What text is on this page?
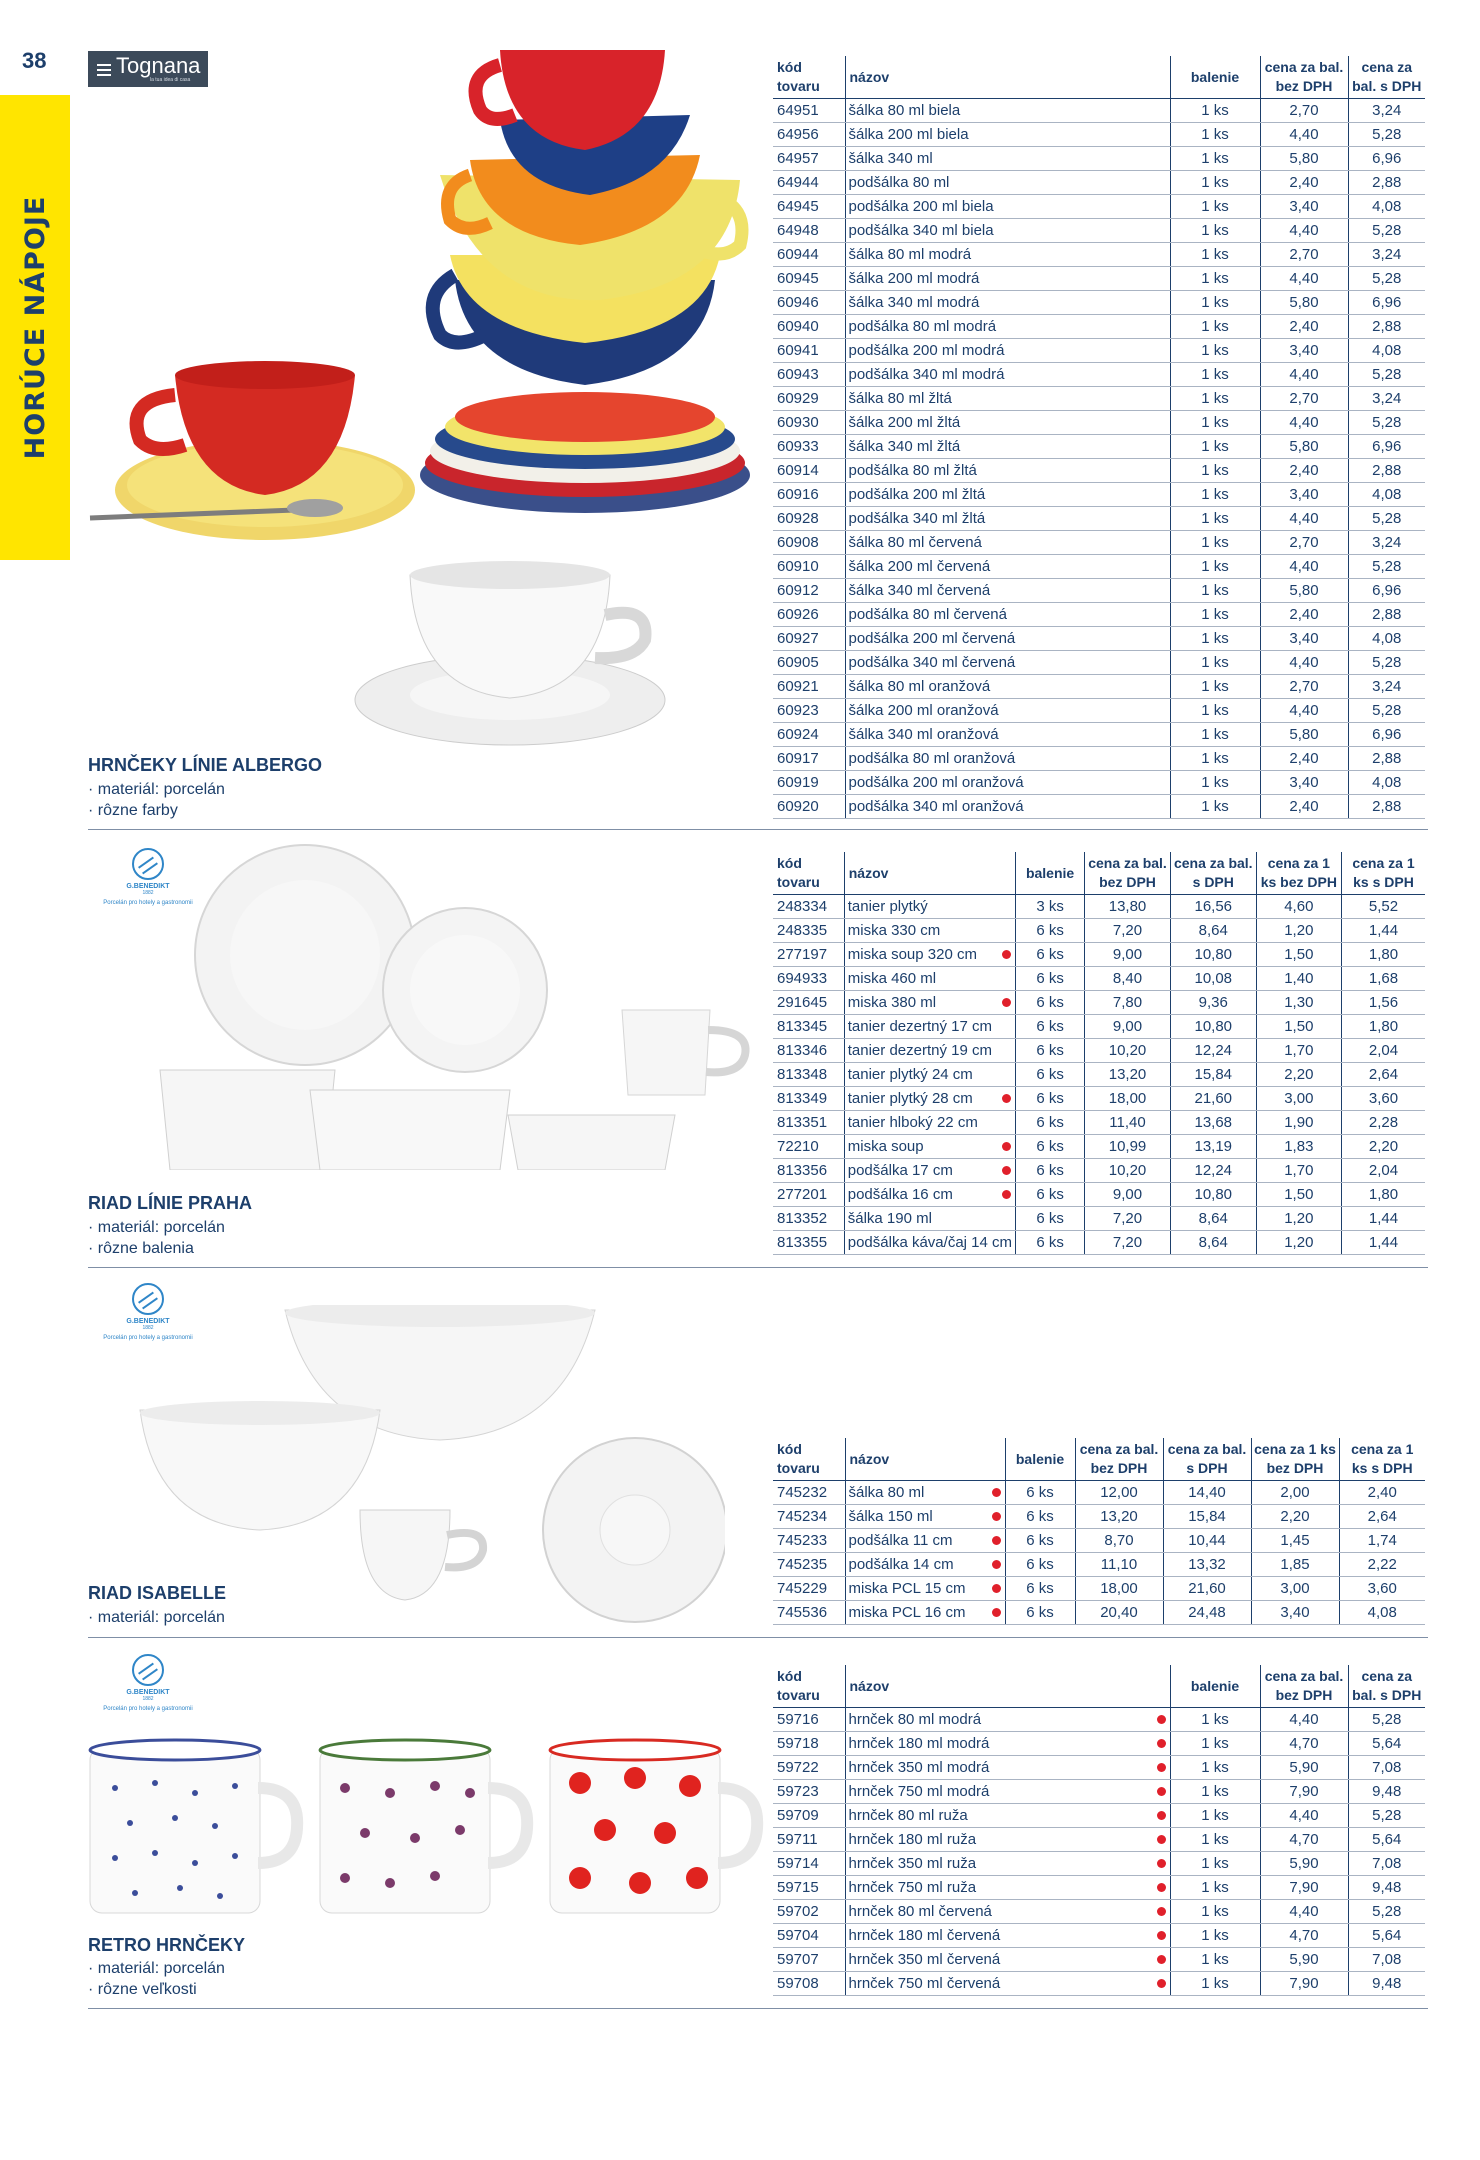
38
HORÚCE NÁPOJE
Tognana
la tua idea di casa
HRNČEKY LÍNIE ALBERGO
· materiál: porcelán
· rôzne farby
kód tovaru	názov	balenie	cena za bal. bez DPH	cena za bal. s DPH
64951	šálka 80 ml biela	1 ks	2,70	3,24
64956	šálka 200 ml biela	1 ks	4,40	5,28
64957	šálka 340 ml	1 ks	5,80	6,96
64944	podšálka 80 ml	1 ks	2,40	2,88
64945	podšálka 200 ml biela	1 ks	3,40	4,08
64948	podšálka 340 ml biela	1 ks	4,40	5,28
60944	šálka 80 ml modrá	1 ks	2,70	3,24
60945	šálka 200 ml modrá	1 ks	4,40	5,28
60946	šálka 340 ml modrá	1 ks	5,80	6,96
60940	podšálka 80 ml modrá	1 ks	2,40	2,88
60941	podšálka 200 ml modrá	1 ks	3,40	4,08
60943	podšálka 340 ml modrá	1 ks	4,40	5,28
60929	šálka 80 ml žltá	1 ks	2,70	3,24
60930	šálka 200 ml žltá	1 ks	4,40	5,28
60933	šálka 340 ml žltá	1 ks	5,80	6,96
60914	podšálka 80 ml žltá	1 ks	2,40	2,88
60916	podšálka 200 ml žltá	1 ks	3,40	4,08
60928	podšálka 340 ml žltá	1 ks	4,40	5,28
60908	šálka 80 ml červená	1 ks	2,70	3,24
60910	šálka 200 ml červená	1 ks	4,40	5,28
60912	šálka 340 ml červená	1 ks	5,80	6,96
60926	podšálka 80 ml červená	1 ks	2,40	2,88
60927	podšálka 200 ml červená	1 ks	3,40	4,08
60905	podšálka 340 ml červená	1 ks	4,40	5,28
60921	šálka 80 ml oranžová	1 ks	2,70	3,24
60923	šálka 200 ml oranžová	1 ks	4,40	5,28
60924	šálka 340 ml oranžová	1 ks	5,80	6,96
60917	podšálka 80 ml oranžová	1 ks	2,40	2,88
60919	podšálka 200 ml oranžová	1 ks	3,40	4,08
60920	podšálka 340 ml oranžová	1 ks	2,40	2,88
G.BENEDIKT
1882
Porcelán pro hotely a gastronomii
RIAD LÍNIE PRAHA
· materiál: porcelán
· rôzne balenia
kód tovaru	názov	balenie	cena za bal. bez DPH	cena za bal. s DPH	cena za 1 ks bez DPH	cena za 1 ks s DPH
248334	tanier plytký	3 ks	13,80	16,56	4,60	5,52
248335	miska 330 cm	6 ks	7,20	8,64	1,20	1,44
277197	miska soup 320 cm	6 ks	9,00	10,80	1,50	1,80
694933	miska 460 ml	6 ks	8,40	10,08	1,40	1,68
291645	miska 380 ml	6 ks	7,80	9,36	1,30	1,56
813345	tanier dezertný 17 cm	6 ks	9,00	10,80	1,50	1,80
813346	tanier dezertný 19 cm	6 ks	10,20	12,24	1,70	2,04
813348	tanier plytký 24 cm	6 ks	13,20	15,84	2,20	2,64
813349	tanier plytký 28 cm	6 ks	18,00	21,60	3,00	3,60
813351	tanier hlboký 22 cm	6 ks	11,40	13,68	1,90	2,28
72210	miska soup	6 ks	10,99	13,19	1,83	2,20
813356	podšálka 17 cm	6 ks	10,20	12,24	1,70	2,04
277201	podšálka 16 cm	6 ks	9,00	10,80	1,50	1,80
813352	šálka 190 ml	6 ks	7,20	8,64	1,20	1,44
813355	podšálka káva/čaj 14 cm	6 ks	7,20	8,64	1,20	1,44
G.BENEDIKT
1882
Porcelán pro hotely a gastronomii
RIAD ISABELLE
· materiál: porcelán
kód tovaru	názov	balenie	cena za bal. bez DPH	cena za bal. s DPH	cena za 1 ks bez DPH	cena za 1 ks s DPH
745232	šálka 80 ml	6 ks	12,00	14,40	2,00	2,40
745234	šálka 150 ml	6 ks	13,20	15,84	2,20	2,64
745233	podšálka 11 cm	6 ks	8,70	10,44	1,45	1,74
745235	podšálka 14 cm	6 ks	11,10	13,32	1,85	2,22
745229	miska PCL 15 cm	6 ks	18,00	21,60	3,00	3,60
745536	miska PCL 16 cm	6 ks	20,40	24,48	3,40	4,08
G.BENEDIKT
1882
Porcelán pro hotely a gastronomii
RETRO HRNČEKY
· materiál: porcelán
· rôzne veľkosti
kód tovaru	názov	balenie	cena za bal. bez DPH	cena za bal. s DPH
59716	hrnček 80 ml modrá	1 ks	4,40	5,28
59718	hrnček 180 ml modrá	1 ks	4,70	5,64
59722	hrnček 350 ml modrá	1 ks	5,90	7,08
59723	hrnček 750 ml modrá	1 ks	7,90	9,48
59709	hrnček 80 ml ruža	1 ks	4,40	5,28
59711	hrnček 180 ml ruža	1 ks	4,70	5,64
59714	hrnček 350 ml ruža	1 ks	5,90	7,08
59715	hrnček 750 ml ruža	1 ks	7,90	9,48
59702	hrnček 80 ml červená	1 ks	4,40	5,28
59704	hrnček 180 ml červená	1 ks	4,70	5,64
59707	hrnček 350 ml červená	1 ks	5,90	7,08
59708	hrnček 750 ml červená	1 ks	7,90	9,48
